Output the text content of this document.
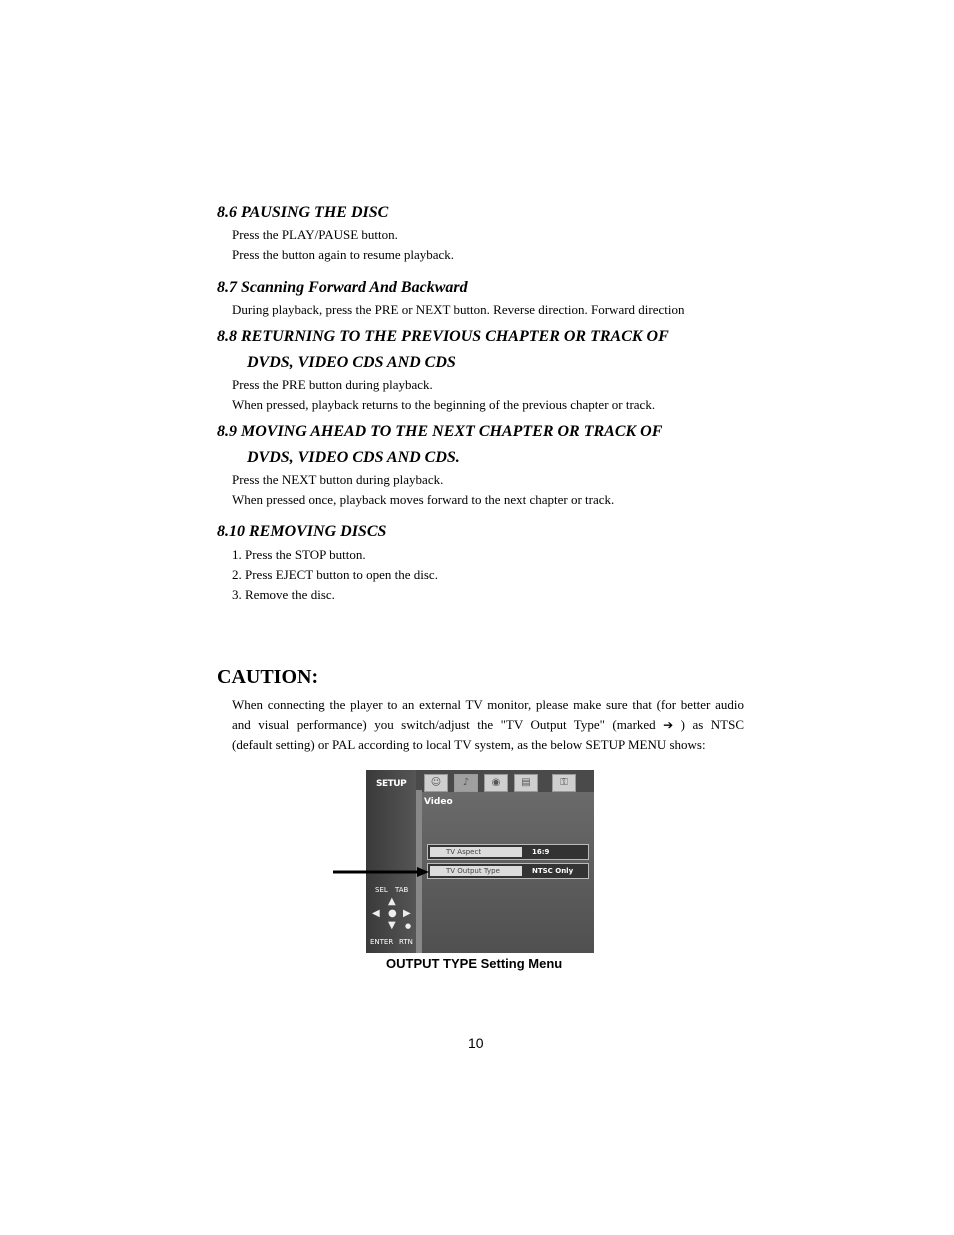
8.6 PAUSING THE DISC
Press the PLAY/PAUSE button.
Press the button again to resume playback.
8.7 Scanning Forward And Backward
During playback, press the PRE or NEXT button. Reverse direction. Forward direction
8.8 RETURNING TO THE PREVIOUS CHAPTER OR TRACK OF
DVDS, VIDEO CDS AND CDS
Press the PRE button during playback.
When pressed, playback returns to the beginning of the previous chapter or track.
8.9 MOVING AHEAD TO THE NEXT CHAPTER OR TRACK OF
DVDS, VIDEO CDS AND CDS.
Press the NEXT button during playback.
When pressed once, playback moves forward to the next chapter or track.
8.10 REMOVING DISCS
1. Press the STOP button.
2. Press EJECT button to open the disc.
3. Remove the disc.
CAUTION:
When connecting the player to an external TV monitor, please make sure that (for better audio
and visual performance) you switch/adjust the "TV Output Type" (marked ➔ ) as NTSC
(default setting) or PAL according to local TV system, as the below SETUP MENU shows:
SETUP	☺	♪	◉	▤	⚿
Video
TV Aspect	16:9
TV Output Type	NTSC Only
SEL TAB
▲
◀ ● ▶
▼ ●
ENTER RTN
OUTPUT TYPE Setting Menu
10
